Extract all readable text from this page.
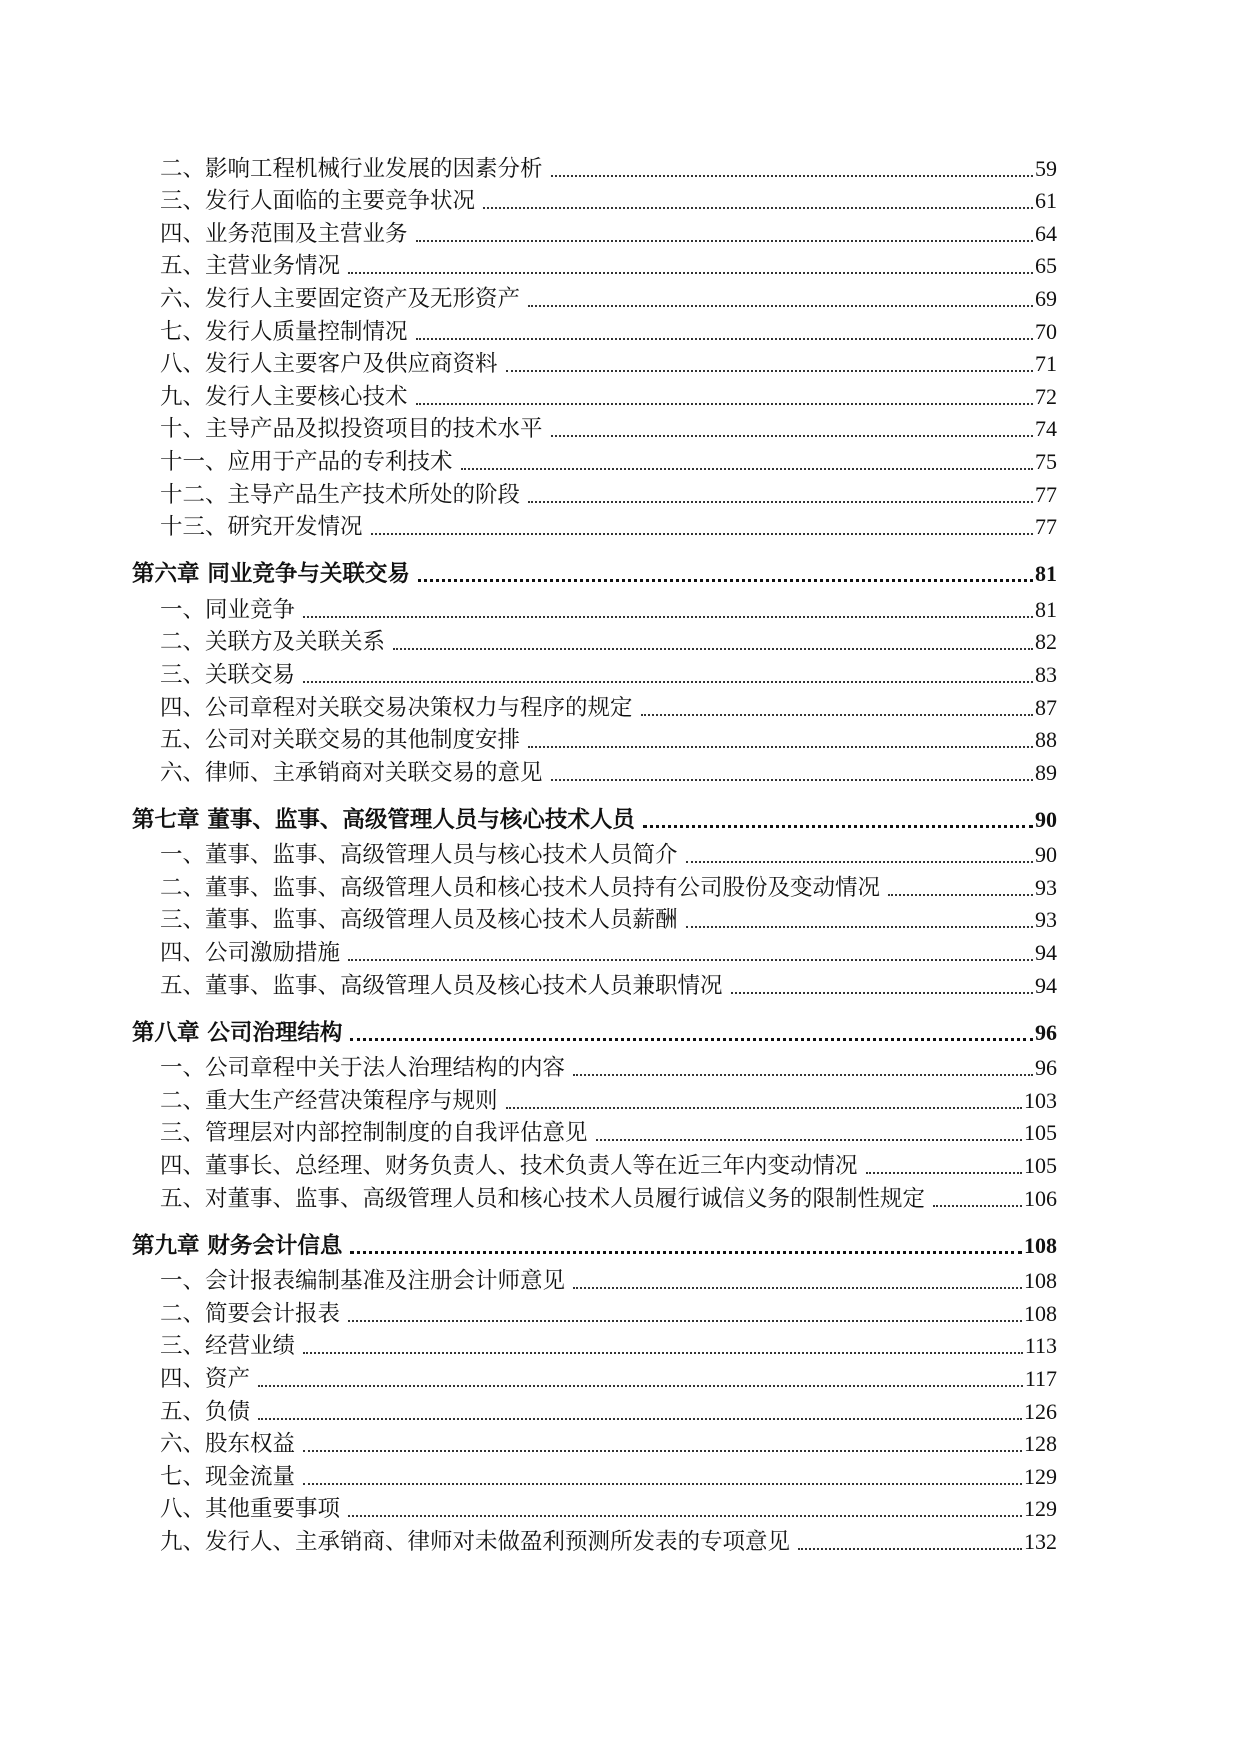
二、影响工程机械行业发展的因素分析	59
三、发行人面临的主要竞争状况	61
四、业务范围及主营业务	64
五、主营业务情况	65
六、发行人主要固定资产及无形资产	69
七、发行人质量控制情况	70
八、发行人主要客户及供应商资料	71
九、发行人主要核心技术	72
十、主导产品及拟投资项目的技术水平	74
十一、应用于产品的专利技术	75
十二、主导产品生产技术所处的阶段	77
十三、研究开发情况	77
第六章 同业竞争与关联交易	81
一、同业竞争	81
二、关联方及关联关系	82
三、关联交易	83
四、公司章程对关联交易决策权力与程序的规定	87
五、公司对关联交易的其他制度安排	88
六、律师、主承销商对关联交易的意见	89
第七章 董事、监事、高级管理人员与核心技术人员	90
一、董事、监事、高级管理人员与核心技术人员简介	90
二、董事、监事、高级管理人员和核心技术人员持有公司股份及变动情况	93
三、董事、监事、高级管理人员及核心技术人员薪酬	93
四、公司激励措施	94
五、董事、监事、高级管理人员及核心技术人员兼职情况	94
第八章 公司治理结构	96
一、公司章程中关于法人治理结构的内容	96
二、重大生产经营决策程序与规则	103
三、管理层对内部控制制度的自我评估意见	105
四、董事长、总经理、财务负责人、技术负责人等在近三年内变动情况	105
五、对董事、监事、高级管理人员和核心技术人员履行诚信义务的限制性规定	106
第九章 财务会计信息	108
一、会计报表编制基准及注册会计师意见	108
二、简要会计报表	108
三、经营业绩	113
四、资产	117
五、负债	126
六、股东权益	128
七、现金流量	129
八、其他重要事项	129
九、发行人、主承销商、律师对未做盈利预测所发表的专项意见	132
